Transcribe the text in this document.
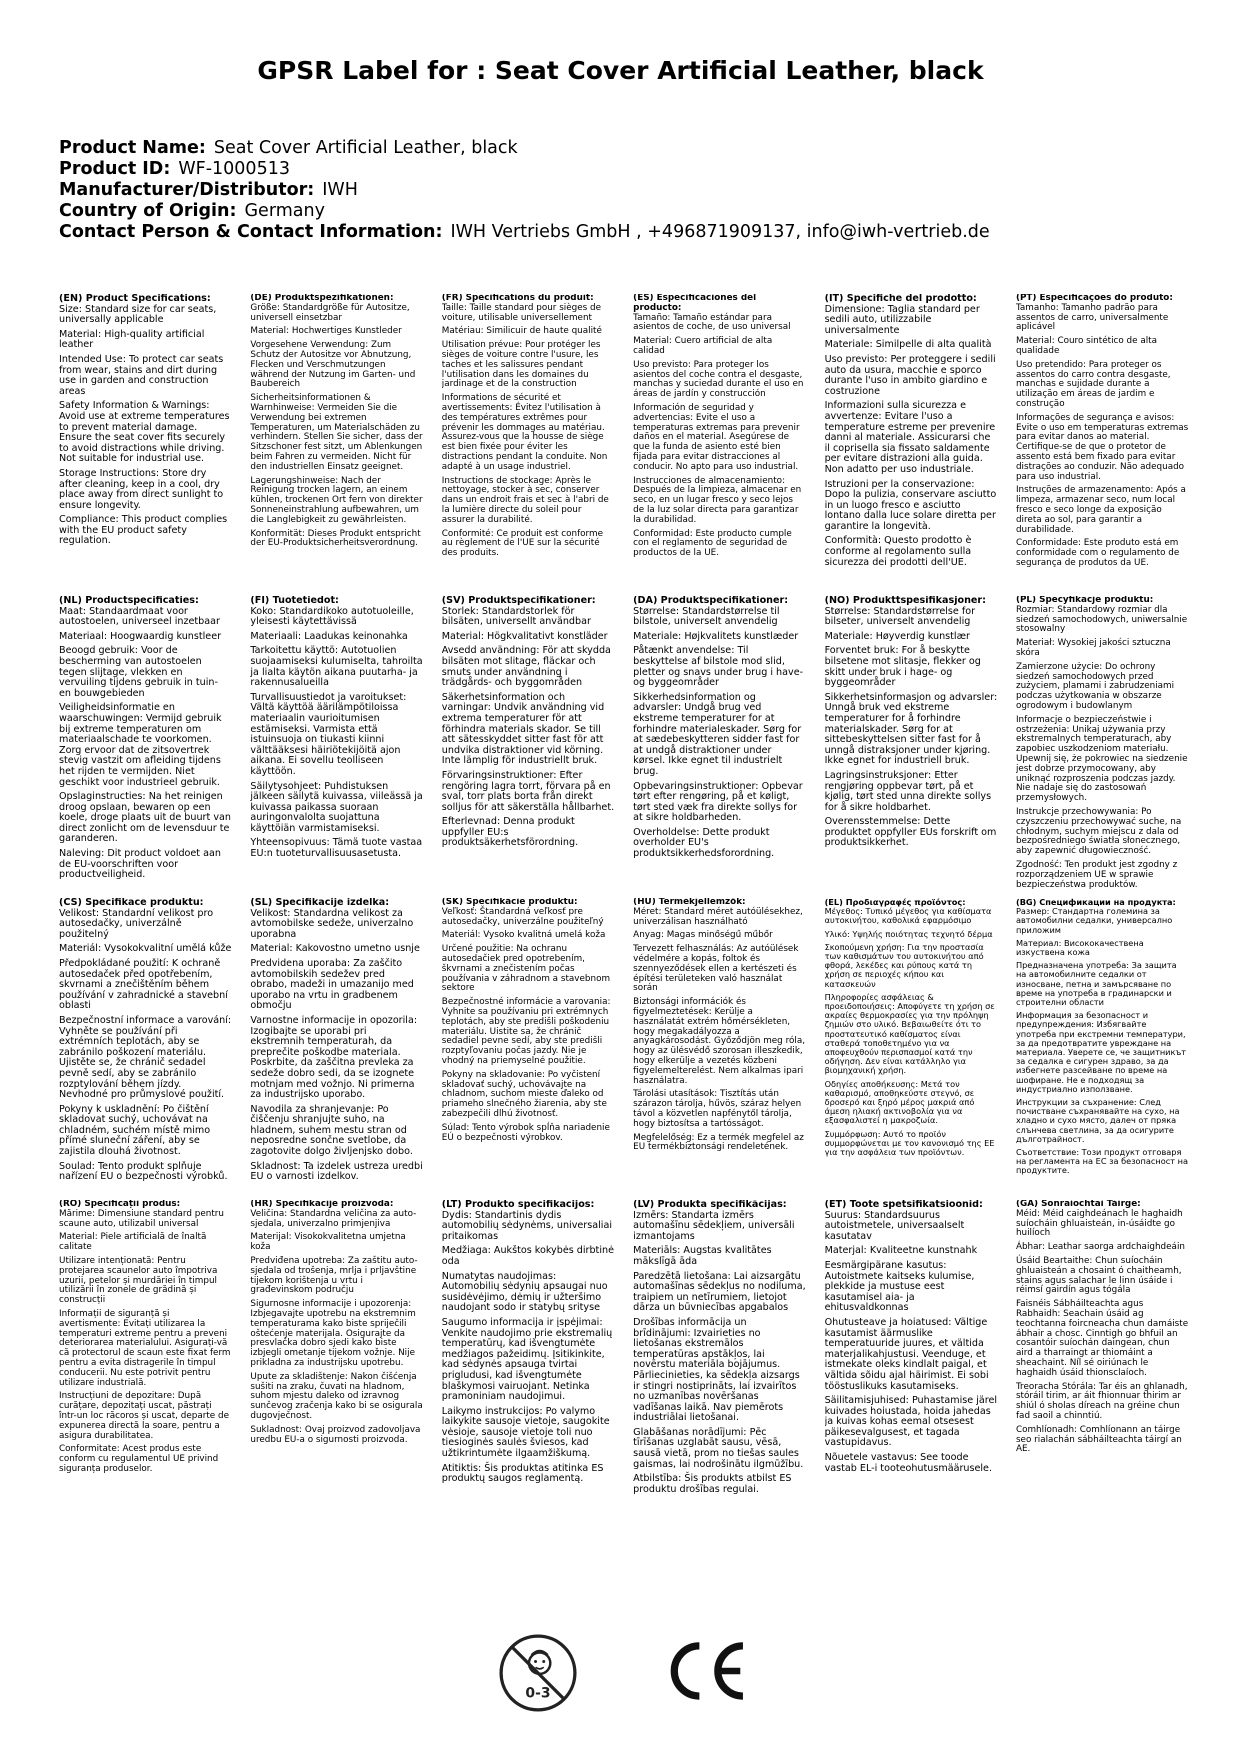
GPSR Label for : Seat Cover Artificial Leather, black
Product Name: Seat Cover Artificial Leather, black
Product ID: WF-1000513
Manufacturer/Distributor: IWH
Country of Origin: Germany
Contact Person & Contact Information: IWH Vertriebs GmbH , +496871909137, info@iwh-vertrieb.de
(EN) Product Specifications:

Size: Standard size for car seats, universally applicable

Material: High-quality artificial leather

Intended Use: To protect car seats from wear, stains and dirt during use in garden and construction areas

Safety Information & Warnings: Avoid use at extreme temperatures to prevent material damage. Ensure the seat cover fits securely to avoid distractions while driving. Not suitable for industrial use.

Storage Instructions: Store dry after cleaning, keep in a cool, dry place away from direct sunlight to ensure longevity.

Compliance: This product complies with the EU product safety regulation.

(DE) Produktspezifikationen:

Größe: Standardgröße für Autositze, universell einsetzbar

Material: Hochwertiges Kunstleder

Vorgesehene Verwendung: Zum Schutz der Autositze vor Abnutzung, Flecken und Verschmutzungen während der Nutzung im Garten- und Baubereich

Sicherheitsinformationen & Warnhinweise: Vermeiden Sie die Verwendung bei extremen Temperaturen, um Materialschäden zu verhindern. Stellen Sie sicher, dass der Sitzschoner fest sitzt, um Ablenkungen beim Fahren zu vermeiden. Nicht für den industriellen Einsatz geeignet.

Lagerungshinweise: Nach der Reinigung trocken lagern, an einem kühlen, trockenen Ort fern von direkter Sonneneinstrahlung aufbewahren, um die Langlebigkeit zu gewährleisten.

Konformität: Dieses Produkt entspricht der EU-Produktsicherheitsverordnung.

(FR) Spécifications du produit:

Taille: Taille standard pour sièges de voiture, utilisable universellement

Matériau: Similicuir de haute qualité

Utilisation prévue: Pour protéger les sièges de voiture contre l'usure, les taches et les salissures pendant l'utilisation dans les domaines du jardinage et de la construction

Informations de sécurité et avertissements: Évitez l'utilisation à des températures extrêmes pour prévenir les dommages au matériau. Assurez-vous que la housse de siège est bien fixée pour éviter les distractions pendant la conduite. Non adapté à un usage industriel.

Instructions de stockage: Après le nettoyage, stocker à sec, conserver dans un endroit frais et sec à l'abri de la lumière directe du soleil pour assurer la durabilité.

Conformité: Ce produit est conforme au règlement de l'UE sur la sécurité des produits.

(ES) Especificaciones del producto:

Tamaño: Tamaño estándar para asientos de coche, de uso universal

Material: Cuero artificial de alta calidad

Uso previsto: Para proteger los asientos del coche contra el desgaste, manchas y suciedad durante el uso en áreas de jardín y construcción

Información de seguridad y advertencias: Evite el uso a temperaturas extremas para prevenir daños en el material. Asegúrese de que la funda de asiento esté bien fijada para evitar distracciones al conducir. No apto para uso industrial.

Instrucciones de almacenamiento: Después de la limpieza, almacenar en seco, en un lugar fresco y seco lejos de la luz solar directa para garantizar la durabilidad.

Conformidad: Este producto cumple con el reglamento de seguridad de productos de la UE.

(IT) Specifiche del prodotto:

Dimensione: Taglia standard per sedili auto, utilizzabile universalmente

Materiale: Similpelle di alta qualità

Uso previsto: Per proteggere i sedili auto da usura, macchie e sporco durante l'uso in ambito giardino e costruzione

Informazioni sulla sicurezza e avvertenze: Evitare l'uso a temperature estreme per prevenire danni al materiale. Assicurarsi che il coprisella sia fissato saldamente per evitare distrazioni alla guida. Non adatto per uso industriale.

Istruzioni per la conservazione: Dopo la pulizia, conservare asciutto in un luogo fresco e asciutto lontano dalla luce solare diretta per garantire la longevità.

Conformità: Questo prodotto è conforme al regolamento sulla sicurezza dei prodotti dell'UE.

(PT) Especificações do produto:

Tamanho: Tamanho padrão para assentos de carro, universalmente aplicável

Material: Couro sintético de alta qualidade

Uso pretendido: Para proteger os assentos do carro contra desgaste, manchas e sujidade durante a utilização em áreas de jardim e construção

Informações de segurança e avisos: Evite o uso em temperaturas extremas para evitar danos ao material. Certifique-se de que o protetor de assento está bem fixado para evitar distrações ao conduzir. Não adequado para uso industrial.

Instruções de armazenamento: Após a limpeza, armazenar seco, num local fresco e seco longe da exposição direta ao sol, para garantir a durabilidade.

Conformidade: Este produto está em conformidade com o regulamento de segurança de produtos da UE.

(NL) Productspecificaties:

Maat: Standaardmaat voor autostoelen, universeel inzetbaar

Materiaal: Hoogwaardig kunstleer

Beoogd gebruik: Voor de bescherming van autostoelen tegen slijtage, vlekken en vervuiling tijdens gebruik in tuin- en bouwgebieden

Veiligheidsinformatie en waarschuwingen: Vermijd gebruik bij extreme temperaturen om materiaalschade te voorkomen. Zorg ervoor dat de zitsovertrek stevig vastzit om afleiding tijdens het rijden te vermijden. Niet geschikt voor industrieel gebruik.

Opslaginstructies: Na het reinigen droog opslaan, bewaren op een koele, droge plaats uit de buurt van direct zonlicht om de levensduur te garanderen.

Naleving: Dit product voldoet aan de EU-voorschriften voor productveiligheid.

(FI) Tuotetiedot:

Koko: Standardikoko autotuoleille, yleisesti käytettävissä

Materiaali: Laadukas keinonahka

Tarkoitettu käyttö: Autotuolien suojaamiseksi kulumiselta, tahroilta ja lialta käytön aikana puutarha- ja rakennusalueilla

Turvallisuustiedot ja varoitukset: Vältä käyttöä äärilämpötiloissa materiaalin vaurioitumisen estämiseksi. Varmista että istuinsuoja on tiukasti kiinni välttääksesi häiriötekijöitä ajon aikana. Ei sovellu teolliseen käyttöön.

Säilytysohjeet: Puhdistuksen jälkeen säilytä kuivassa, viileässä ja kuivassa paikassa suoraan auringonvalolta suojattuna käyttöiän varmistamiseksi.

Yhteensopivuus: Tämä tuote vastaa EU:n tuoteturvallisuusasetusta.

(SV) Produktspecifikationer:

Storlek: Standardstorlek för bilsäten, universellt användbar

Material: Högkvalitativt konstläder

Avsedd användning: För att skydda bilsäten mot slitage, fläckar och smuts under användning i trädgårds- och byggområden

Säkerhetsinformation och varningar: Undvik användning vid extrema temperaturer för att förhindra materials skador. Se till att sätesskyddet sitter fast för att undvika distraktioner vid körning. Inte lämplig för industriellt bruk.

Förvaringsinstruktioner: Efter rengöring lagra torrt, förvara på en sval, torr plats borta från direkt solljus för att säkerställa hållbarhet.

Efterlevnad: Denna produkt uppfyller EU:s produktsäkerhetsförordning.

(DA) Produktspecifikationer:

Størrelse: Standardstørrelse til bilstole, universelt anvendelig

Materiale: Højkvalitets kunstlæder

Påtænkt anvendelse: Til beskyttelse af bilstole mod slid, pletter og snavs under brug i have- og byggeområder

Sikkerhedsinformation og advarsler: Undgå brug ved ekstreme temperaturer for at forhindre materialeskader. Sørg for at sædebeskytteren sidder fast for at undgå distraktioner under kørsel. Ikke egnet til industrielt brug.

Opbevaringsinstruktioner: Opbevar tørt efter rengøring, på et køligt, tørt sted væk fra direkte sollys for at sikre holdbarheden.

Overholdelse: Dette produkt overholder EU's produktsikkerhedsforordning.

(NO) Produkttspesifikasjoner:

Størrelse: Standardstørrelse for bilseter, universelt anvendelig

Materiale: Høyverdig kunstlær

Forventet bruk: For å beskytte bilsetene mot slitasje, flekker og skitt under bruk i hage- og byggeområder

Sikkerhetsinformasjon og advarsler: Unngå bruk ved ekstreme temperaturer for å forhindre materialskader. Sørg for at sittebeskyttelsen sitter fast for å unngå distraksjoner under kjøring. Ikke egnet for industriell bruk.

Lagringsinstruksjoner: Etter rengjøring oppbevar tørt, på et kjølig, tørt sted unna direkte sollys for å sikre holdbarhet.

Overensstemmelse: Dette produktet oppfyller EUs forskrift om produktsikkerhet.

(PL) Specyfikacje produktu:

Rozmiar: Standardowy rozmiar dla siedzeń samochodowych, uniwersalnie stosowalny

Materiał: Wysokiej jakości sztuczna skóra

Zamierzone użycie: Do ochrony siedzeń samochodowych przed zużyciem, plamami i zabrudzeniami podczas użytkowania w obszarze ogrodowym i budowlanym

Informacje o bezpieczeństwie i ostrzeżenia: Unikaj używania przy ekstremalnych temperaturach, aby zapobiec uszkodzeniom materiału. Upewnij się, że pokrowiec na siedzenie jest dobrze przymocowany, aby uniknąć rozproszenia podczas jazdy. Nie nadaje się do zastosowań przemysłowych.

Instrukcje przechowywania: Po czyszczeniu przechowywać suche, na chłodnym, suchym miejscu z dala od bezpośredniego światła słonecznego, aby zapewnić długowieczność.

Zgodność: Ten produkt jest zgodny z rozporządzeniem UE w sprawie bezpieczeństwa produktów.

(CS) Specifikace produktu:

Velikost: Standardní velikost pro autosedačky, univerzálně použitelný

Materiál: Vysokokvalitní umělá kůže

Předpokládané použití: K ochraně autosedaček před opotřebením, skvrnami a znečištěním během používání v zahradnické a stavební oblasti

Bezpečnostní informace a varování: Vyhněte se používání při extrémních teplotách, aby se zabránilo poškození materiálu. Ujistěte se, že chránič sedadel pevně sedí, aby se zabránilo rozptylování během jízdy. Nevhodné pro průmyslové použití.

Pokyny k uskladnění: Po čištění skladovat suchý, uchovávat na chladném, suchém místě mimo přímé sluneční záření, aby se zajistila dlouhá životnost.

Soulad: Tento produkt splňuje nařízení EU o bezpečnosti výrobků.

(SL) Specifikacije izdelka:

Velikost: Standardna velikost za avtomobilske sedeže, univerzalno uporabna

Material: Kakovostno umetno usnje

Predvidena uporaba: Za zaščito avtomobilskih sedežev pred obrabo, madeži in umazanijo med uporabo na vrtu in gradbenem območju

Varnostne informacije in opozorila: Izogibajte se uporabi pri ekstremnih temperaturah, da preprečite poškodbe materiala. Poskrbite, da zaščitna prevleka za sedeže dobro sedi, da se izognete motnjam med vožnjo. Ni primerna za industrijsko uporabo.

Navodila za shranjevanje: Po čiščenju shranjujte suho, na hladnem, suhem mestu stran od neposredne sončne svetlobe, da zagotovite dolgo življenjsko dobo.

Skladnost: Ta izdelek ustreza uredbi EU o varnosti izdelkov.

(SK) Špecifikácie produktu:

Veľkosť: Štandardná veľkosť pre autosedačky, univerzálne použiteľný

Materiál: Vysoko kvalitná umelá koža

Určené použitie: Na ochranu autosedačiek pred opotrebením, škvrnami a znečistením počas používania v záhradnom a stavebnom sektore

Bezpečnostné informácie a varovania: Vyhnite sa používaniu pri extrémnych teplotách, aby ste predišli poškodeniu materiálu. Uistite sa, že chránič sedadiel pevne sedí, aby ste predišli rozptyľovaniu počas jazdy. Nie je vhodný na priemyselné použitie.

Pokyny na skladovanie: Po vyčistení skladovať suchý, uchovávajte na chladnom, suchom mieste ďaleko od priameho slnečného žiarenia, aby ste zabezpečili dlhú životnosť.

Súlad: Tento výrobok spĺňa nariadenie EÚ o bezpečnosti výrobkov.

(HU) Termékjellemzők:

Méret: Standard méret autóülésekhez, univerzálisan használható

Anyag: Magas minőségű műbőr

Tervezett felhasználás: Az autóülések védelmére a kopás, foltok és szennyeződések ellen a kertészeti és építési területeken való használat során

Biztonsági információk és figyelmeztetések: Kerülje a használatát extrém hőmérsékleten, hogy megakadályozza a anyagkárosodást. Győződjön meg róla, hogy az ülésvédő szorosan illeszkedik, hogy elkerülje a vezetés közbeni figyelemelterelést. Nem alkalmas ipari használatra.

Tárolási utasítások: Tisztítás után szárazon tárolja, hűvös, száraz helyen távol a közvetlen napfénytől tárolja, hogy biztosítsa a tartósságot.

Megfelelőség: Ez a termék megfelel az EU termékbiztonsági rendeletének.

(EL) Προδιαγραφές προϊόντος:

Μέγεθος: Τυπικό μέγεθος για καθίσματα αυτοκινήτου, καθολικά εφαρμόσιμο

Υλικό: Υψηλής ποιότητας τεχνητό δέρμα

Σκοπούμενη χρήση: Για την προστασία των καθισμάτων του αυτοκινήτου από φθορά, λεκέδες και ρύπους κατά τη χρήση σε περιοχές κήπου και κατασκευών

Πληροφορίες ασφάλειας & προειδοποιήσεις: Αποφύγετε τη χρήση σε ακραίες θερμοκρασίες για την πρόληψη ζημιών στο υλικό. Βεβαιωθείτε ότι το προστατευτικό καθίσματος είναι σταθερά τοποθετημένο για να αποφευχθούν περισπασμοί κατά την οδήγηση. Δεν είναι κατάλληλο για βιομηχανική χρήση.

Οδηγίες αποθήκευσης: Μετά τον καθαρισμό, αποθηκεύστε στεγνό, σε δροσερό και ξηρό μέρος μακριά από άμεση ηλιακή ακτινοβολία για να εξασφαλιστεί η μακροζωία.

Συμμόρφωση: Αυτό το προϊόν συμμορφώνεται με τον κανονισμό της ΕΕ για την ασφάλεια των προϊόντων.

(BG) Спецификации на продукта:

Размер: Стандартна големина за автомобилни седалки, универсално приложим

Материал: Висококачествена изкуствена кожа

Предназначена употреба: За защита на автомобилните седалки от износване, петна и замърсяване по време на употреба в градинарски и строителни области

Информация за безопасност и предупреждения: Избягвайте употреба при екстремни температури, за да предотвратите увреждане на материала. Уверете се, че защитникът за седалка е сигурен здраво, за да избегнете разсейване по време на шофиране. Не е подходящ за индустриално използване.

Инструкции за съхранение: След почистване съхранявайте на сухо, на хладно и сухо място, далеч от пряка слънчева светлина, за да осигурите дълготрайност.

Съответствие: Този продукт отговаря на регламента на ЕС за безопасност на продуктите.

(RO) Specificații produs:

Mărime: Dimensiune standard pentru scaune auto, utilizabil universal

Material: Piele artificială de înaltă calitate

Utilizare intenționată: Pentru protejarea scaunelor auto împotriva uzurii, petelor și murdăriei în timpul utilizării în zonele de grădină și construcții

Informații de siguranță și avertismente: Evitați utilizarea la temperaturi extreme pentru a preveni deteriorarea materialului. Asigurați-vă că protectorul de scaun este fixat ferm pentru a evita distragerile în timpul conducerii. Nu este potrivit pentru utilizare industrială.

Instrucțiuni de depozitare: După curățare, depozitați uscat, păstrați într-un loc răcoros și uscat, departe de expunerea directă la soare, pentru a asigura durabilitatea.

Conformitate: Acest produs este conform cu regulamentul UE privind siguranța produselor.

(HR) Specifikacije proizvoda:

Veličina: Standardna veličina za auto-sjedala, univerzalno primjenjiva

Materijal: Visokokvalitetna umjetna koža

Predviđena upotreba: Za zaštitu auto-sjedala od trošenja, mrlja i prljavštine tijekom korištenja u vrtu i građevinskom području

Sigurnosne informacije i upozorenja: Izbjegavajte upotrebu na ekstremnim temperaturama kako biste spriječili oštećenje materijala. Osigurajte da presvlačka dobro sjedi kako biste izbjegli ometanje tijekom vožnje. Nije prikladna za industrijsku upotrebu.

Upute za skladištenje: Nakon čišćenja sušiti na zraku, čuvati na hladnom, suhom mjestu daleko od izravnog sunčevog zračenja kako bi se osigurala dugovječnost.

Sukladnost: Ovaj proizvod zadovoljava uredbu EU-a o sigurnosti proizvoda.

(LT) Produkto specifikacijos:

Dydis: Standartinis dydis automobilių sėdynėms, universaliai pritaikomas

Medžiaga: Aukštos kokybės dirbtinė oda

Numatytas naudojimas: Automobilių sėdynių apsaugai nuo susidėvėjimo, dėmių ir užteršimo naudojant sodo ir statybų srityse

Saugumo informacija ir įspėjimai: Venkite naudojimo prie ekstremalių temperatūrų, kad išvengtumėte medžiagos pažeidimų. Įsitikinkite, kad sėdynės apsauga tvirtai prigludusi, kad išvengtumėte blaškymosi vairuojant. Netinka pramoniniam naudojimui.

Laikymo instrukcijos: Po valymo laikykite sausoje vietoje, saugokite vėsioje, sausoje vietoje toli nuo tiesioginės saulės šviesos, kad užtikrintumėte ilgaamžiškumą.

Atitiktis: Šis produktas atitinka ES produktų saugos reglamentą.

(LV) Produkta specifikācijas:

Izmērs: Standarta izmērs automašīnu sēdekļiem, universāli izmantojams

Materiāls: Augstas kvalitātes mākslīgā āda

Paredzētā lietošana: Lai aizsargātu automašīnas sēdekļus no nodiluma, traipiem un netīrumiem, lietojot dārza un būvniecības apgabalos

Drošības informācija un brīdinājumi: Izvairieties no lietošanas ekstremālos temperatūras apstākļos, lai novērstu materiāla bojājumus. Pārliecinieties, ka sēdekļa aizsargs ir stingri nostiprināts, lai izvairītos no uzmanības novēršanas vadīšanas laikā. Nav piemērots industriālai lietošanai.

Glabāšanas norādījumi: Pēc tīrīšanas uzglabāt sausu, vēsā, sausā vietā, prom no tiešas saules gaismas, lai nodrošinātu ilgmūžību.

Atbilstība: Šis produkts atbilst ES produktu drošības regulai.

(ET) Toote spetsifikatsioonid:

Suurus: Standardsuurus autoistmetele, universaalselt kasutatav

Materjal: Kvaliteetne kunstnahk

Eesmärgipärane kasutus: Autoistmete kaitseks kulumise, plekkide ja mustuse eest kasutamisel aia- ja ehitusvaldkonnas

Ohutusteave ja hoiatused: Vältige kasutamist äärmuslike temperatuuride juures, et vältida materjalikahjustusi. Veenduge, et istmekate oleks kindlalt paigal, et vältida sõidu ajal häirimist. Ei sobi tööstuslikuks kasutamiseks.

Säilitamisjuhised: Puhastamise järel kuivades hoiustada, hoida jahedas ja kuivas kohas eemal otsesest päikesevalgusest, et tagada vastupidavus.

Nõuetele vastavus: See toode vastab EL-i tooteohutusmäärusele.

(GA) Sonraíochtaí Táirge:

Méid: Méid caighdeánach le haghaidh suíocháin ghluaisteán, in-úsáidte go huilíoch

Ábhar: Leathar saorga ardchaighdeáin

Úsáid Beartaithe: Chun suíocháin ghluaisteán a chosaint ó chaitheamh, stains agus salachar le linn úsáide i réimsí gairdín agus tógála

Faisnéis Sábháilteachta agus Rabhaidh: Seachain úsáid ag teochtanna foircneacha chun damáiste ábhair a chosc. Cinntigh go bhfuil an cosantóir suíochán daingean, chun aird a tharraingt ar thiomáint a sheachaint. Níl sé oiriúnach le haghaidh úsáid thionsclaíoch.

Treoracha Stórála: Tar éis an ghlanadh, stóráil tirim, ar áit fhionnuar thirim ar shiúl ó sholas díreach na gréine chun fad saoil a chinntiú.

Comhlíonadh: Comhlíonann an táirge seo rialachán sábháilteachta táirgí an AE.

0-3
